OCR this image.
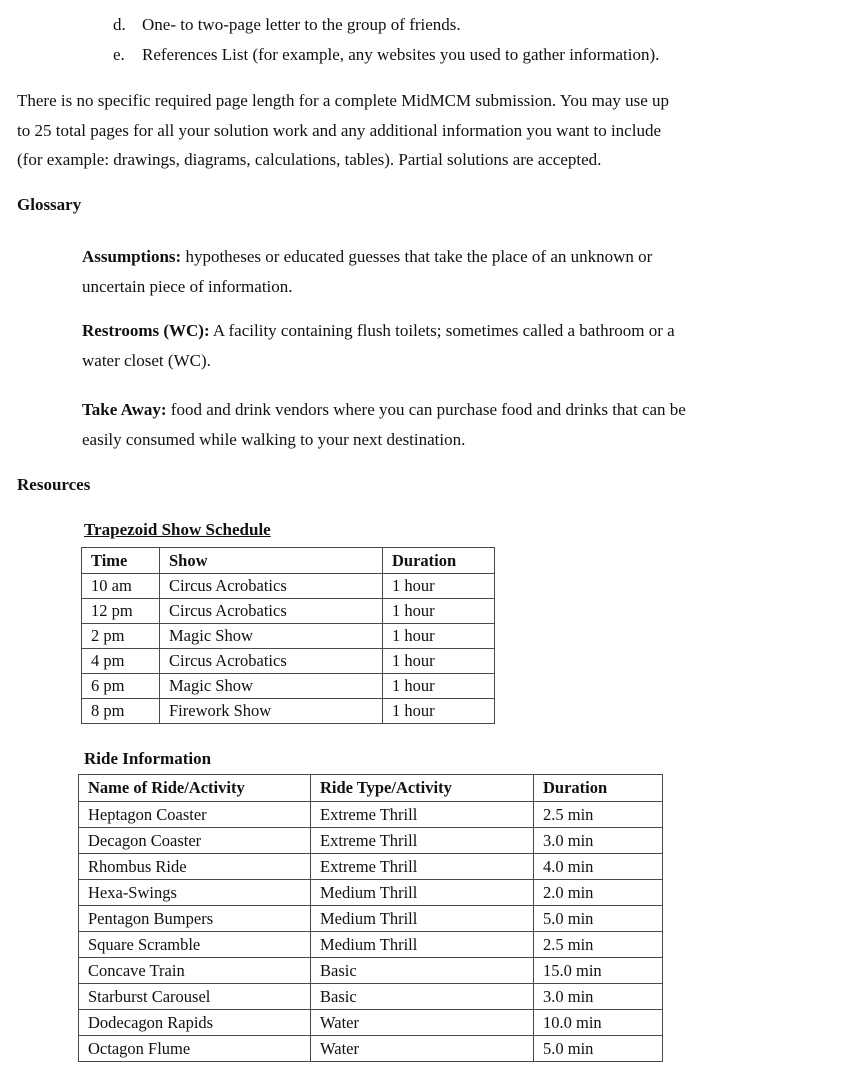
d. One- to two-page letter to the group of friends.
e.	References List (for example, any websites you used to gather information).
There is no specific required page length for a complete MidMCM submission. You may use up
to 25 total pages for all your solution work and any additional information you want to include
(for example: drawings, diagrams, calculations, tables). Partial solutions are accepted.
Glossary
Assumptions: hypotheses or educated guesses that take the place of an unknown or
uncertain piece of information.
Restrooms (WC): A facility containing flush toilets; sometimes called a bathroom or a
water closet (WC).
Take Away: food and drink vendors where you can purchase food and drinks that can be
easily consumed while walking to your next destination.
Resources
Trapezoid Show Schedule
Time	Show	Duration
10 am	Circus Acrobatics	1 hour
12 pm	Circus Acrobatics	1 hour
2 pm	Magic Show	1 hour
4 pm	Circus Acrobatics	1 hour
6 pm	Magic Show	1 hour
8 pm	Firework Show	1 hour
Ride Information
Name of Ride/Activity	Ride Type/Activity	Duration
Heptagon Coaster	Extreme Thrill	2.5 min
Decagon Coaster	Extreme Thrill	3.0 min
Rhombus Ride	Extreme Thrill	4.0 min
Hexa-Swings	Medium Thrill	2.0 min
Pentagon Bumpers	Medium Thrill	5.0 min
Square Scramble	Medium Thrill	2.5 min
Concave Train	Basic	15.0 min
Starburst Carousel	Basic	3.0 min
Dodecagon Rapids	Water	10.0 min
Octagon Flume	Water	5.0 min
